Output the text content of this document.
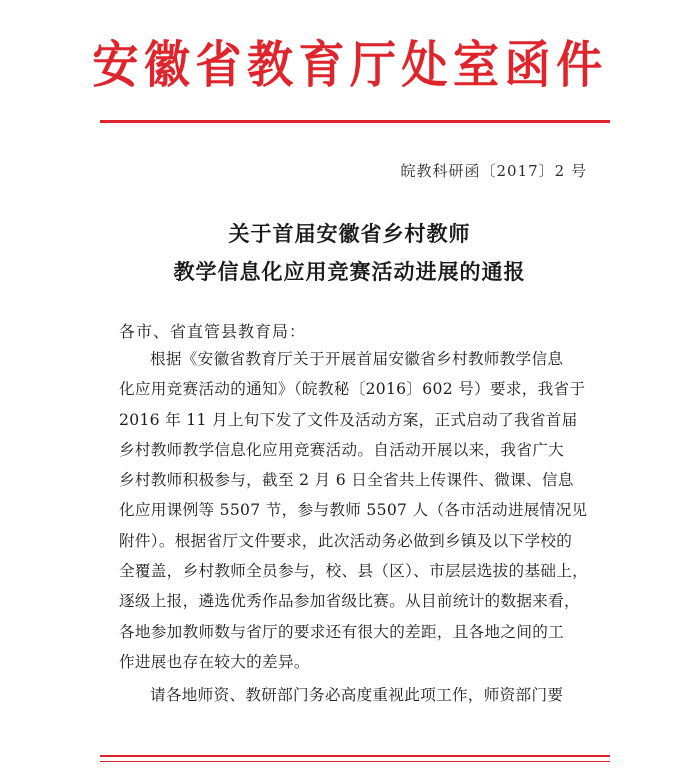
安徽省教育厅处室函件
皖教科研函〔2017〕2 号
关于首届安徽省乡村教师
教学信息化应用竞赛活动进展的通报
各市、省直管县教育局：
根据《安徽省教育厅关于开展首届安徽省乡村教师教学信息
化应用竞赛活动的通知》（皖教秘〔2016〕602 号）要求，我省于
2016 年 11 月上旬下发了文件及活动方案，正式启动了我省首届
乡村教师教学信息化应用竞赛活动。自活动开展以来，我省广大
乡村教师积极参与，截至 2 月 6 日全省共上传课件、微课、信息
化应用课例等 5507 节，参与教师 5507 人（各市活动进展情况见
附件）。根据省厅文件要求，此次活动务必做到乡镇及以下学校的
全覆盖，乡村教师全员参与，校、县（区）、市层层选拔的基础上，
逐级上报，遴选优秀作品参加省级比赛。从目前统计的数据来看，
各地参加教师数与省厅的要求还有很大的差距，且各地之间的工
作进展也存在较大的差异。
请各地师资、教研部门务必高度重视此项工作，师资部门要
